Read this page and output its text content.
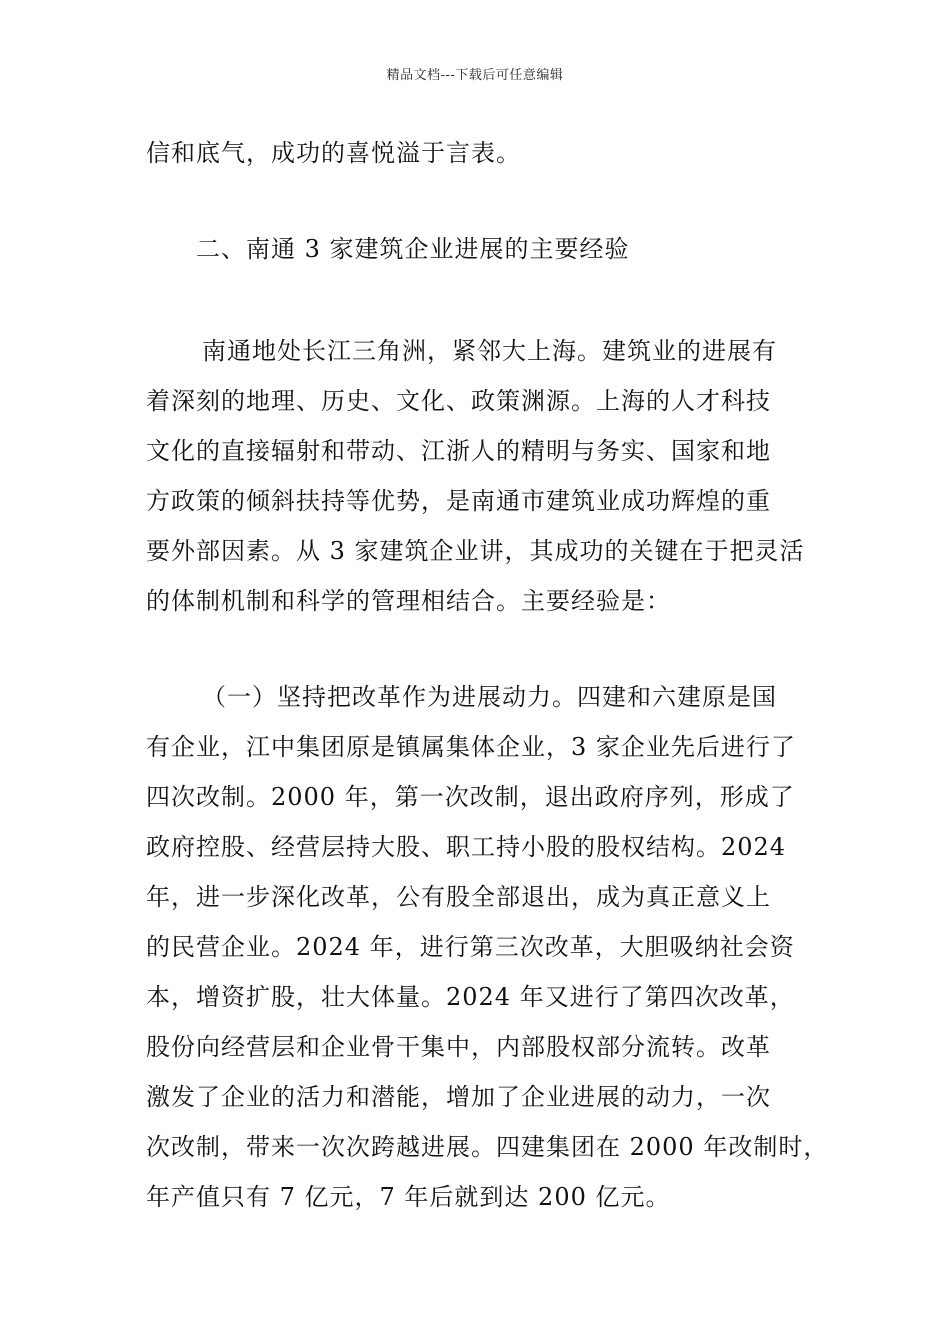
精品文档---下载后可任意编辑
信和底气，成功的喜悦溢于言表。
二、南通 3 家建筑企业进展的主要经验
南通地处长江三角洲，紧邻大上海。建筑业的进展有
着深刻的地理、历史、文化、政策渊源。上海的人才科技
文化的直接辐射和带动、江浙人的精明与务实、国家和地
方政策的倾斜扶持等优势，是南通市建筑业成功辉煌的重
要外部因素。从 3 家建筑企业讲，其成功的关键在于把灵活
的体制机制和科学的管理相结合。主要经验是：
（一）坚持把改革作为进展动力。四建和六建原是国
有企业，江中集团原是镇属集体企业，3 家企业先后进行了
四次改制。2000 年，第一次改制，退出政府序列，形成了
政府控股、经营层持大股、职工持小股的股权结构。2024
年，进一步深化改革，公有股全部退出，成为真正意义上
的民营企业。2024 年，进行第三次改革，大胆吸纳社会资
本，增资扩股，壮大体量。2024 年又进行了第四次改革，
股份向经营层和企业骨干集中，内部股权部分流转。改革
激发了企业的活力和潜能，增加了企业进展的动力，一次
次改制，带来一次次跨越进展。四建集团在 2000 年改制时，
年产值只有 7 亿元，7 年后就到达 200 亿元。
